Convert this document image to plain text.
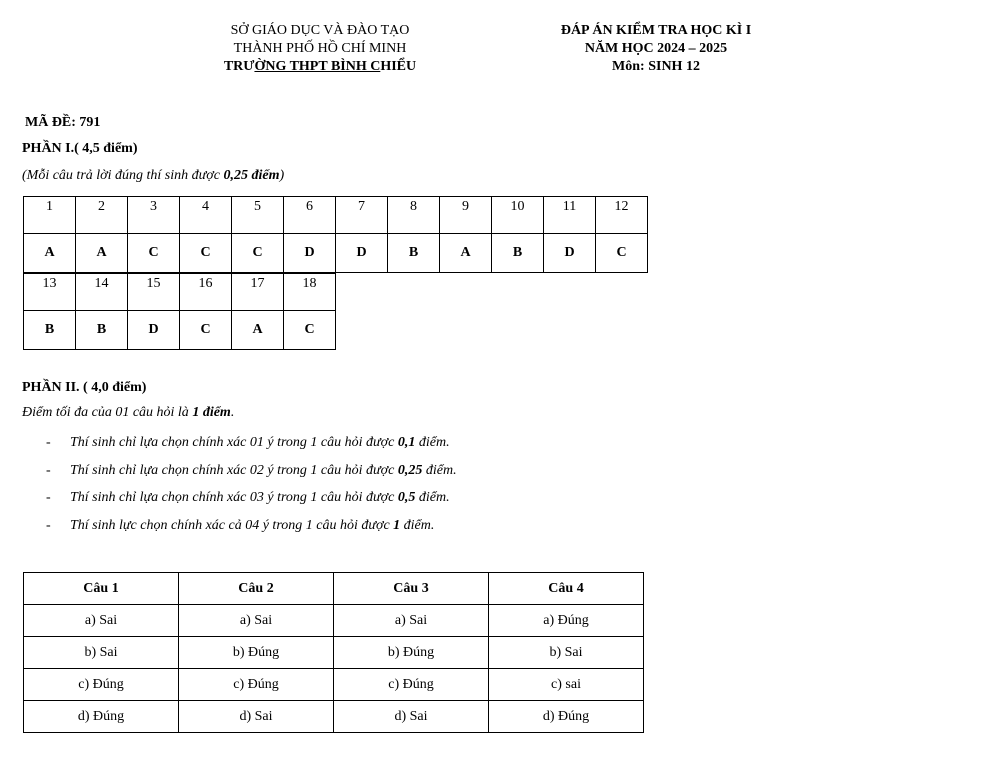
SỞ GIÁO DỤC VÀ ĐÀO TẠO
THÀNH PHỐ HỒ CHÍ MINH
TRƯỜNG THPT BÌNH CHIỂU
ĐÁP ÁN KIỂM TRA HỌC KÌ I
NĂM HỌC 2024 – 2025
Môn: SINH 12
MÃ ĐỀ: 791
PHẦN I.( 4,5 điểm)
(Mỗi câu trả lời đúng thí sinh được 0,25 điểm)
1	2	3	4	5	6	7	8	9	10	11	12
A	A	C	C	C	D	D	B	A	B	D	C
13	14	15	16	17	18
B	B	D	C	A	C
PHẦN II. ( 4,0 điểm)
Điểm tối đa của 01 câu hỏi là 1 điểm.
- Thí sinh chỉ lựa chọn chính xác 01 ý trong 1 câu hỏi được 0,1 điểm.
- Thí sinh chỉ lựa chọn chính xác 02 ý trong 1 câu hỏi được 0,25 điểm.
- Thí sinh chỉ lựa chọn chính xác 03 ý trong 1 câu hỏi được 0,5 điểm.
- Thí sinh lực chọn chính xác cả 04 ý trong 1 câu hỏi được 1 điểm.
Câu 1	Câu 2	Câu 3	Câu 4
a) Sai	a) Sai	a) Sai	a) Đúng
b) Sai	b) Đúng	b) Đúng	b) Sai
c) Đúng	c) Đúng	c) Đúng	c) sai
d) Đúng	d) Sai	d) Sai	d) Đúng
